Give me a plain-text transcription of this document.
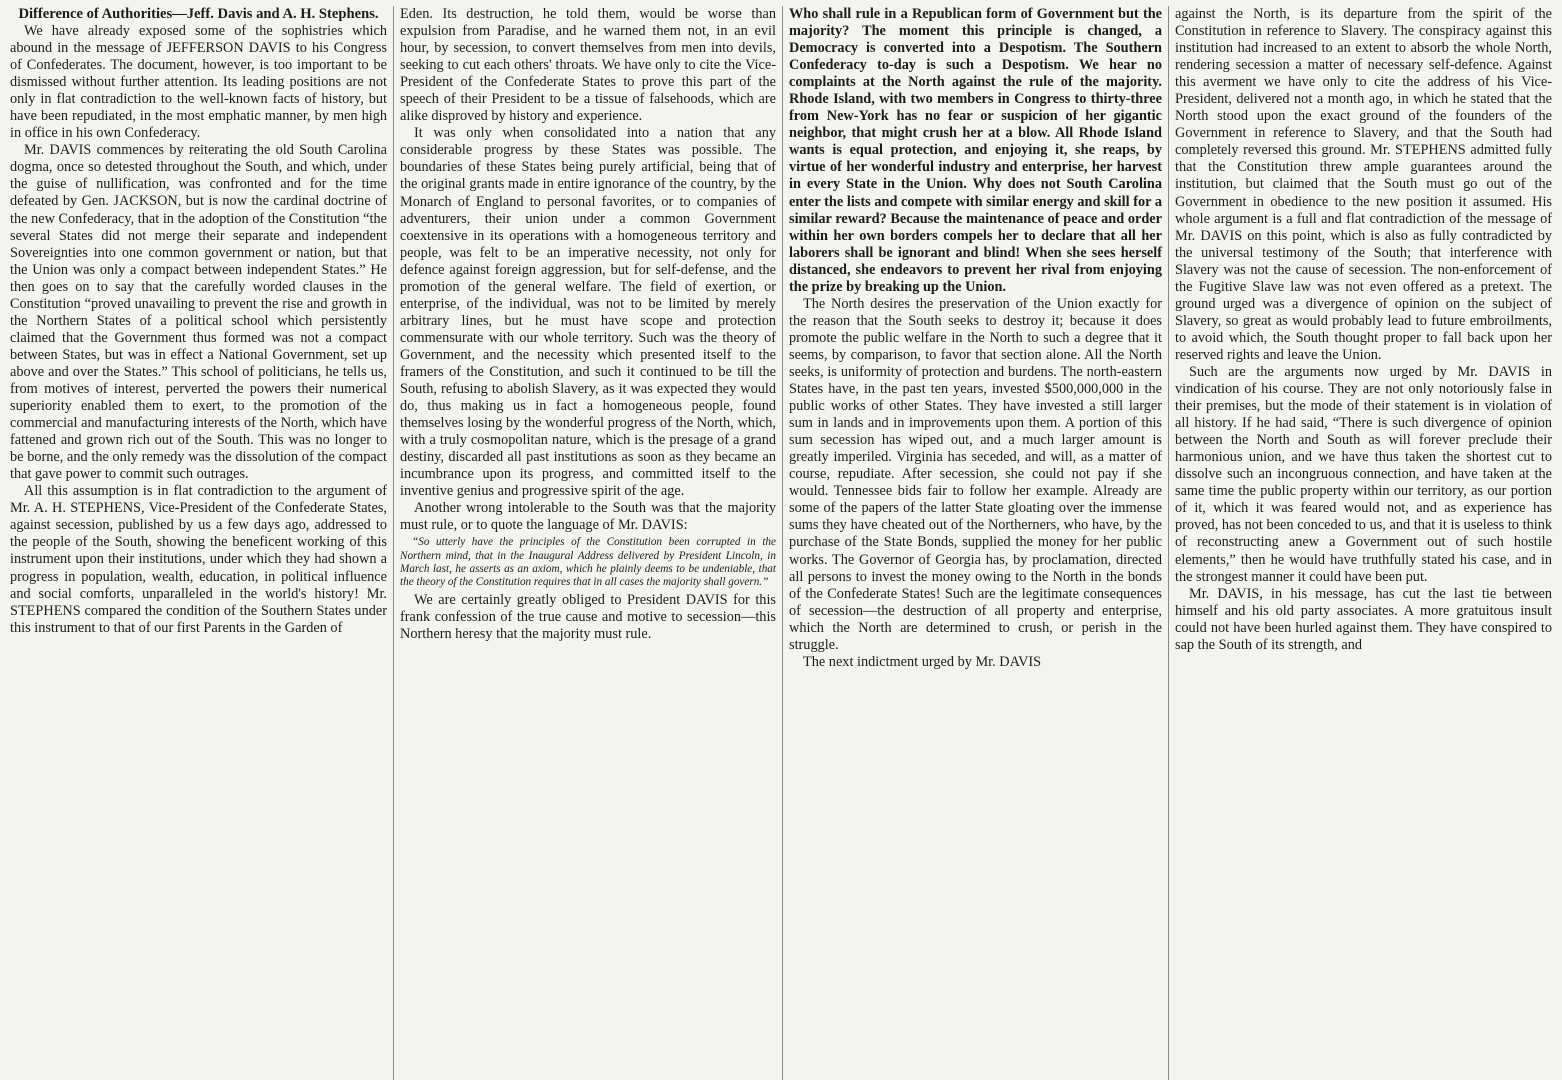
Difference of Authorities—Jeff. Davis and A. H. Stephens.

We have already exposed some of the sophistries which abound in the message of JEFFERSON DAVIS to his Congress of Confederates. The document, however, is too important to be dismissed without further attention. Its leading positions are not only in flat contradiction to the well-known facts of history, but have been repudiated, in the most emphatic manner, by men high in office in his own Confederacy.

Mr. DAVIS commences by reiterating the old South Carolina dogma, once so detested throughout the South, and which, under the guise of nullification, was confronted and for the time defeated by Gen. JACKSON, but is now the cardinal doctrine of the new Confederacy, that in the adoption of the Constitution “the several States did not merge their separate and independent Sovereignties into one common government or nation, but that the Union was only a compact between independent States.” He then goes on to say that the carefully worded clauses in the Constitution “proved unavailing to prevent the rise and growth in the Northern States of a political school which persistently claimed that the Government thus formed was not a compact between States, but was in effect a National Government, set up above and over the States.” This school of politicians, he tells us, from motives of interest, perverted the powers their numerical superiority enabled them to exert, to the promotion of the commercial and manufacturing interests of the North, which have fattened and grown rich out of the South. This was no longer to be borne, and the only remedy was the dissolution of the compact that gave power to commit such outrages.

All this assumption is in flat contradiction to the argument of Mr. A. H. STEPHENS, Vice-President of the Confederate States, against secession, published by us a few days ago, addressed to the people of the South, showing the beneficent working of this instrument upon their institutions, under which they had shown a progress in population, wealth, education, in political influence and social comforts, unparalleled in the world's history! Mr. STEPHENS compared the condition of the Southern States under this instrument to that of our first Parents in the Garden of

Eden. Its destruction, he told them, would be worse than expulsion from Paradise, and he warned them not, in an evil hour, by secession, to convert themselves from men into devils, seeking to cut each others' throats. We have only to cite the Vice-President of the Confederate States to prove this part of the speech of their President to be a tissue of falsehoods, which are alike disproved by history and experience.

It was only when consolidated into a nation that any considerable progress by these States was possible. The boundaries of these States being purely artificial, being that of the original grants made in entire ignorance of the country, by the Monarch of England to personal favorites, or to companies of adventurers, their union under a common Government coextensive in its operations with a homogeneous territory and people, was felt to be an imperative necessity, not only for defence against foreign aggression, but for self-defense, and the promotion of the general welfare. The field of exertion, or enterprise, of the individual, was not to be limited by merely arbitrary lines, but he must have scope and protection commensurate with our whole territory. Such was the theory of Government, and the necessity which presented itself to the framers of the Constitution, and such it continued to be till the South, refusing to abolish Slavery, as it was expected they would do, thus making us in fact a homogeneous people, found themselves losing by the wonderful progress of the North, which, with a truly cosmopolitan nature, which is the presage of a grand destiny, discarded all past institutions as soon as they became an incumbrance upon its progress, and committed itself to the inventive genius and progressive spirit of the age.

Another wrong intolerable to the South was that the majority must rule, or to quote the language of Mr. DAVIS:

“So utterly have the principles of the Constitution been corrupted in the Northern mind, that in the Inaugural Address delivered by President Lincoln, in March last, he asserts as an axiom, which he plainly deems to be undeniable, that the theory of the Constitution requires that in all cases the majority shall govern.”

We are certainly greatly obliged to President DAVIS for this frank confession of the true cause and motive to secession—this Northern heresy that the majority must rule.

Who shall rule in a Republican form of Government but the majority? The moment this principle is changed, a Democracy is converted into a Despotism. The Southern Confederacy to-day is such a Despotism. We hear no complaints at the North against the rule of the majority. Rhode Island, with two members in Congress to thirty-three from New-York has no fear or suspicion of her gigantic neighbor, that might crush her at a blow. All Rhode Island wants is equal protection, and enjoying it, she reaps, by virtue of her wonderful industry and enterprise, her harvest in every State in the Union. Why does not South Carolina enter the lists and compete with similar energy and skill for a similar reward? Because the maintenance of peace and order within her own borders compels her to declare that all her laborers shall be ignorant and blind! When she sees herself distanced, she endeavors to prevent her rival from enjoying the prize by breaking up the Union.

The North desires the preservation of the Union exactly for the reason that the South seeks to destroy it; because it does promote the public welfare in the North to such a degree that it seems, by comparison, to favor that section alone. All the North seeks, is uniformity of protection and burdens. The north-eastern States have, in the past ten years, invested $500,000,000 in the public works of other States. They have invested a still larger sum in lands and in improvements upon them. A portion of this sum secession has wiped out, and a much larger amount is greatly imperiled. Virginia has seceded, and will, as a matter of course, repudiate. After secession, she could not pay if she would. Tennessee bids fair to follow her example. Already are some of the papers of the latter State gloating over the immense sums they have cheated out of the Northerners, who have, by the purchase of the State Bonds, supplied the money for her public works. The Governor of Georgia has, by proclamation, directed all persons to invest the money owing to the North in the bonds of the Confederate States! Such are the legitimate consequences of secession—the destruction of all property and enterprise, which the North are determined to crush, or perish in the struggle.

The next indictment urged by Mr. DAVIS

against the North, is its departure from the spirit of the Constitution in reference to Slavery. The conspiracy against this institution had increased to an extent to absorb the whole North, rendering secession a matter of necessary self-defence. Against this averment we have only to cite the address of his Vice-President, delivered not a month ago, in which he stated that the North stood upon the exact ground of the founders of the Government in reference to Slavery, and that the South had completely reversed this ground. Mr. STEPHENS admitted fully that the Constitution threw ample guarantees around the institution, but claimed that the South must go out of the Government in obedience to the new position it assumed. His whole argument is a full and flat contradiction of the message of Mr. DAVIS on this point, which is also as fully contradicted by the universal testimony of the South; that interference with Slavery was not the cause of secession. The non-enforcement of the Fugitive Slave law was not even offered as a pretext. The ground urged was a divergence of opinion on the subject of Slavery, so great as would probably lead to future embroilments, to avoid which, the South thought proper to fall back upon her reserved rights and leave the Union.

Such are the arguments now urged by Mr. DAVIS in vindication of his course. They are not only notoriously false in their premises, but the mode of their statement is in violation of all history. If he had said, “There is such divergence of opinion between the North and South as will forever preclude their harmonious union, and we have thus taken the shortest cut to dissolve such an incongruous connection, and have taken at the same time the public property within our territory, as our portion of it, which it was feared would not, and as experience has proved, has not been conceded to us, and that it is useless to think of reconstructing anew a Government out of such hostile elements,” then he would have truthfully stated his case, and in the strongest manner it could have been put.

Mr. DAVIS, in his message, has cut the last tie between himself and his old party associates. A more gratuitous insult could not have been hurled against them. They have conspired to sap the South of its strength, and
